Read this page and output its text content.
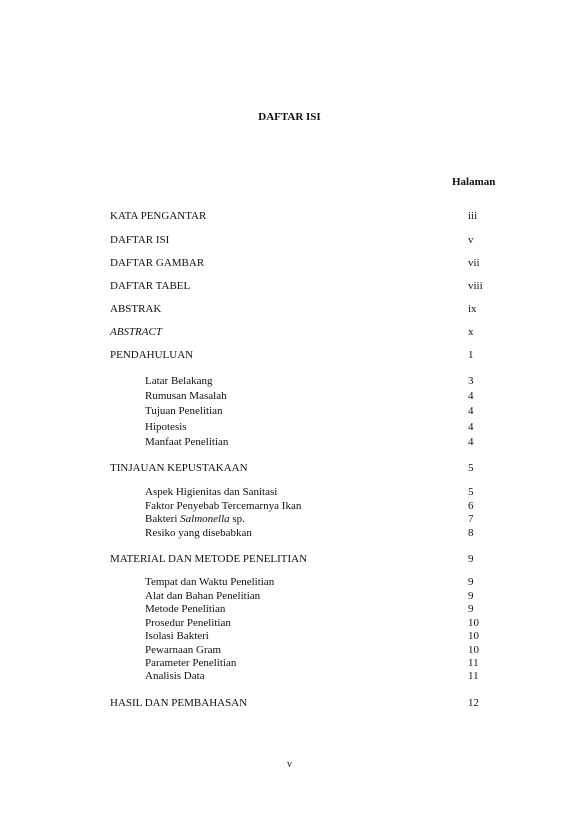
DAFTAR ISI
Halaman
KATA PENGANTAR	iii
DAFTAR ISI	v
DAFTAR GAMBAR	vii
DAFTAR TABEL	viii
ABSTRAK	ix
ABSTRACT	x
PENDAHULUAN	1
Latar Belakang	3
Rumusan Masalah	4
Tujuan Penelitian	4
Hipotesis	4
Manfaat Penelitian	4
TINJAUAN KEPUSTAKAAN	5
Aspek Higienitas dan Sanitasi	5
Faktor Penyebab Tercemarnya Ikan	6
Bakteri Salmonella sp.	7
Resiko yang disebabkan	8
MATERIAL DAN METODE PENELITIAN	9
Tempat dan Waktu Penelitian	9
Alat dan Bahan Penelitian	9
Metode Penelitian	9
Prosedur Penelitian	10
Isolasi Bakteri	10
Pewarnaan Gram	10
Parameter Penelitian	11
Analisis Data	11
HASIL DAN PEMBAHASAN	12
v
